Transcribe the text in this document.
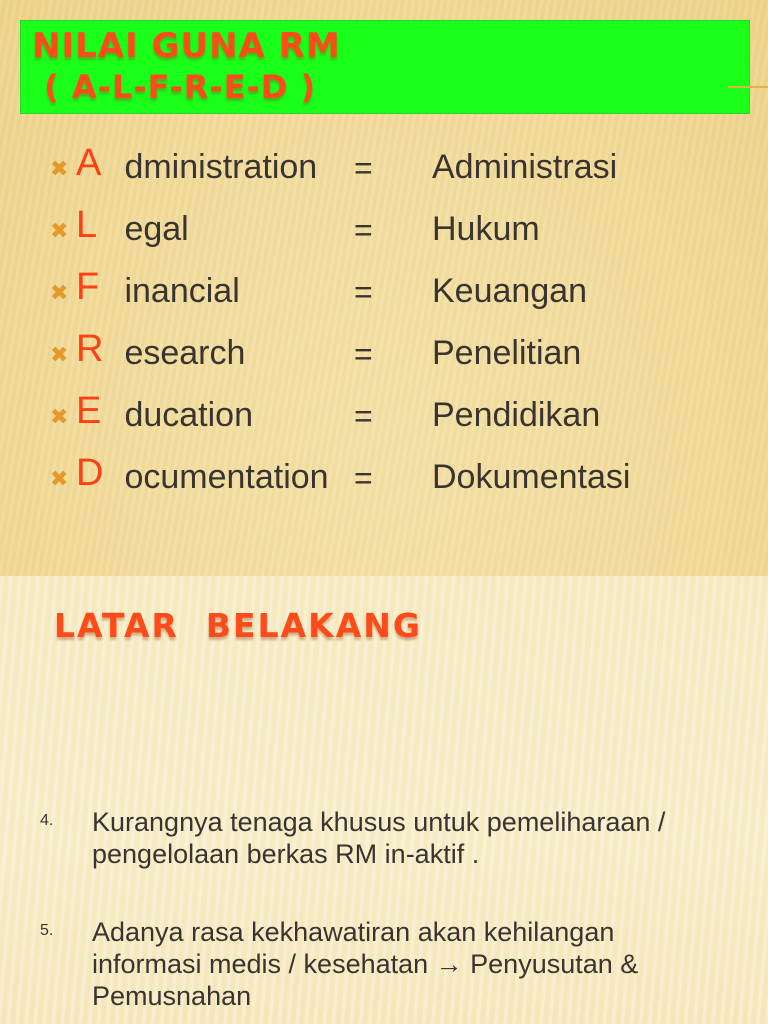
NILAI GUNA RM
( A-L-F-R-E-D )
✖ A dministration = Administrasi
✖ L egal	= Hukum
✖ F inancial	= Keuangan
✖ R esearch	= Penelitian
✖ E ducation	= Pendidikan
✖ D ocumentation = Dokumentasi
LATAR  BELAKANG
4. Kurangnya tenaga khusus untuk pemeliharaan /
pengelolaan berkas RM in-aktif .
5. Adanya rasa kekhawatiran akan kehilangan
informasi medis / kesehatan → Penyusutan &
Pemusnahan
